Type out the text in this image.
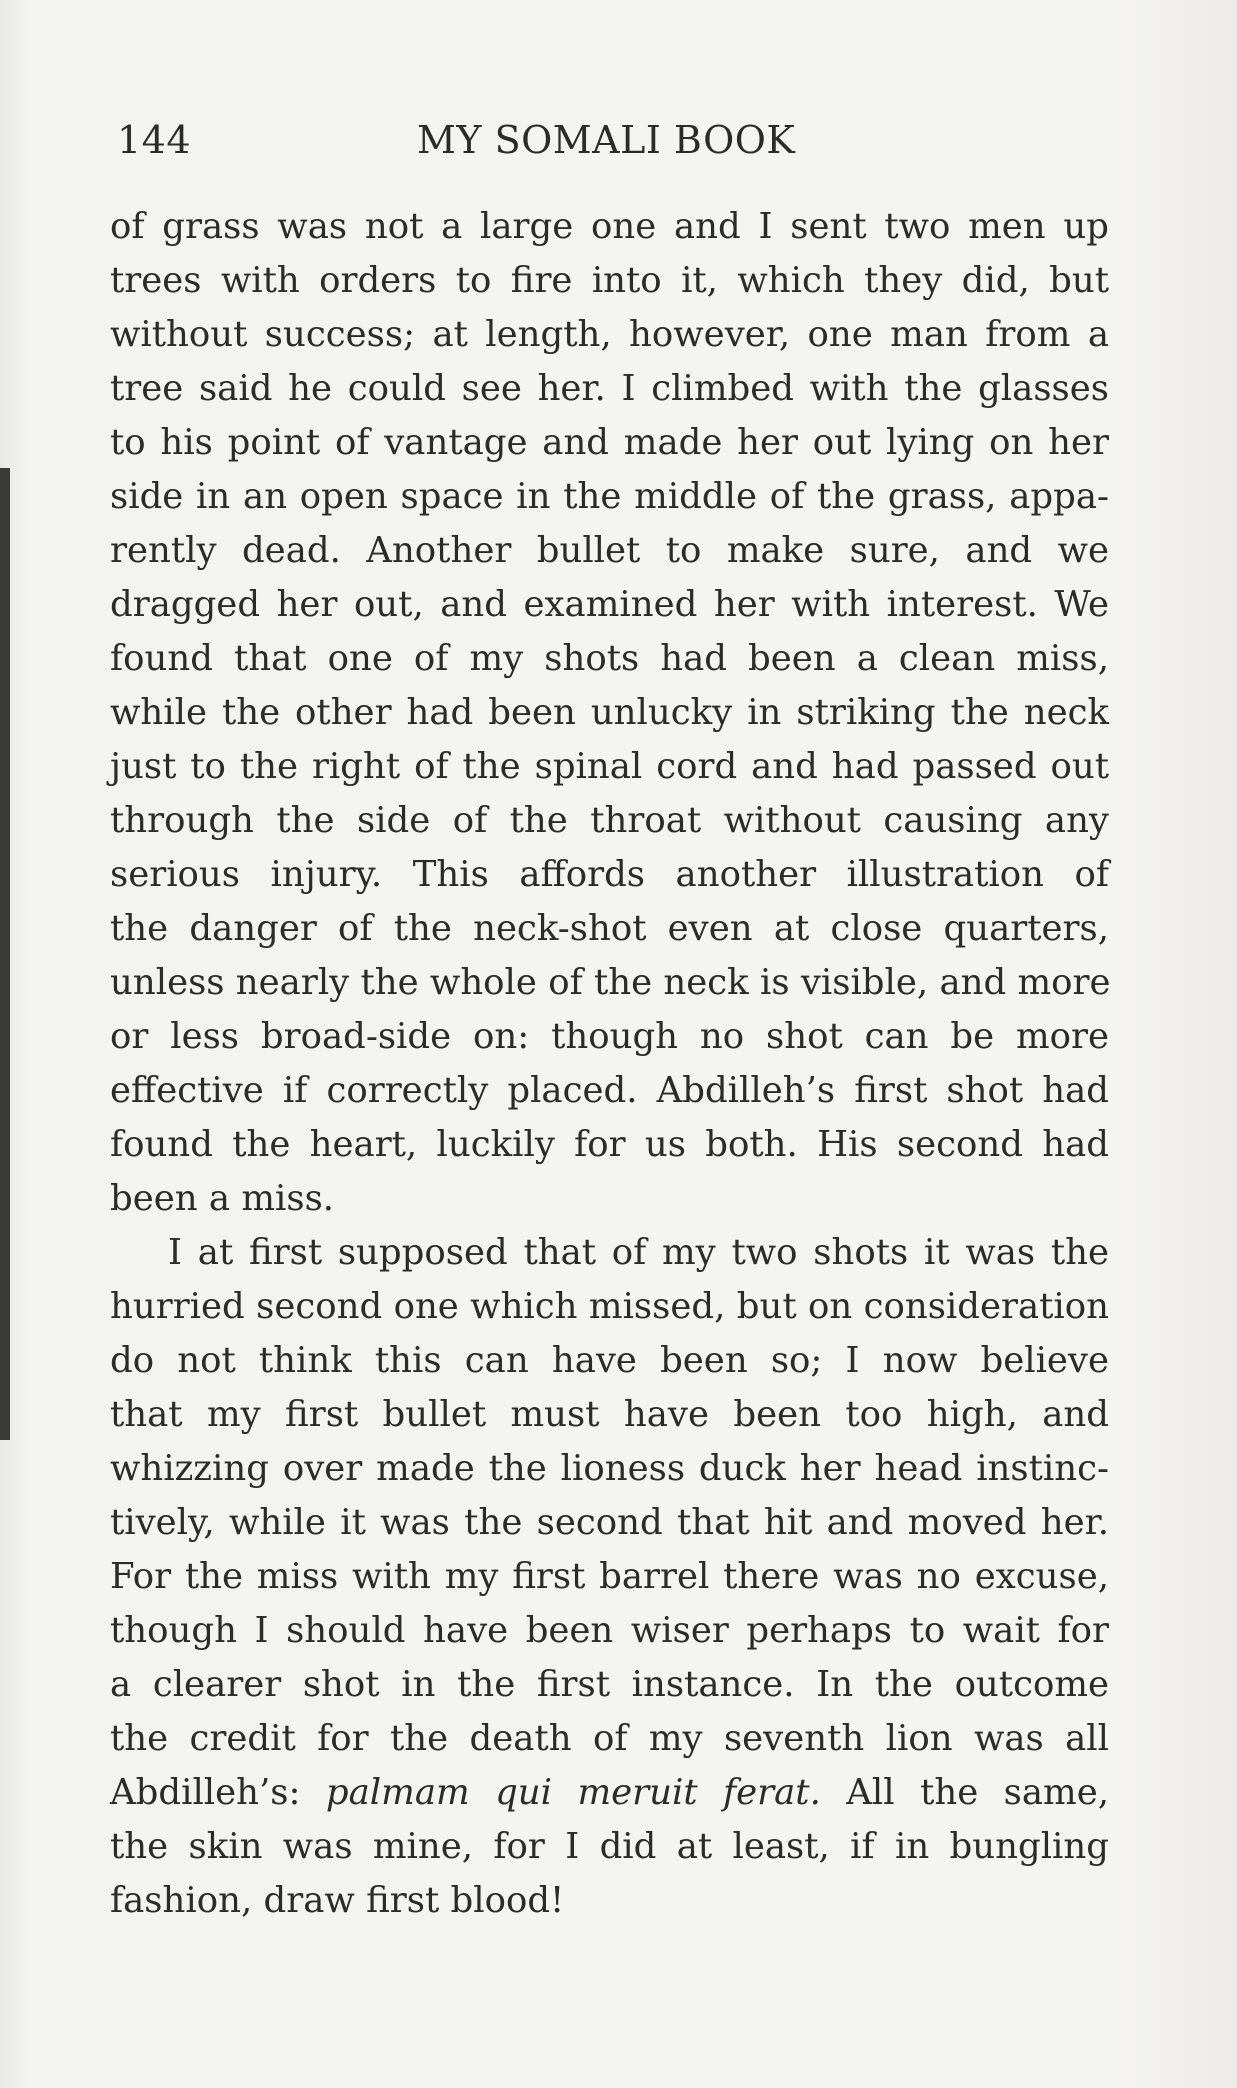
144	MY SOMALI BOOK
of grass was not a large one and I sent two men up
trees with orders to fire into it, which they did, but
without success; at length, however, one man from a
tree said he could see her. I climbed with the glasses
to his point of vantage and made her out lying on her
side in an open space in the middle of the grass, appa-
rently dead. Another bullet to make sure, and we
dragged her out, and examined her with interest. We
found that one of my shots had been a clean miss,
while the other had been unlucky in striking the neck
just to the right of the spinal cord and had passed out
through the side of the throat without causing any
serious injury. This affords another illustration of
the danger of the neck-shot even at close quarters,
unless nearly the whole of the neck is visible, and more
or less broad-side on: though no shot can be more
effective if correctly placed. Abdilleh’s first shot had
found the heart, luckily for us both. His second had
been a miss.
I at first supposed that of my two shots it was the
hurried second one which missed, but on consideration
do not think this can have been so; I now believe
that my first bullet must have been too high, and
whizzing over made the lioness duck her head instinc-
tively, while it was the second that hit and moved her.
For the miss with my first barrel there was no excuse,
though I should have been wiser perhaps to wait for
a clearer shot in the first instance. In the outcome
the credit for the death of my seventh lion was all
Abdilleh’s: palmam qui meruit ferat. All the same,
the skin was mine, for I did at least, if in bungling
fashion, draw first blood!
